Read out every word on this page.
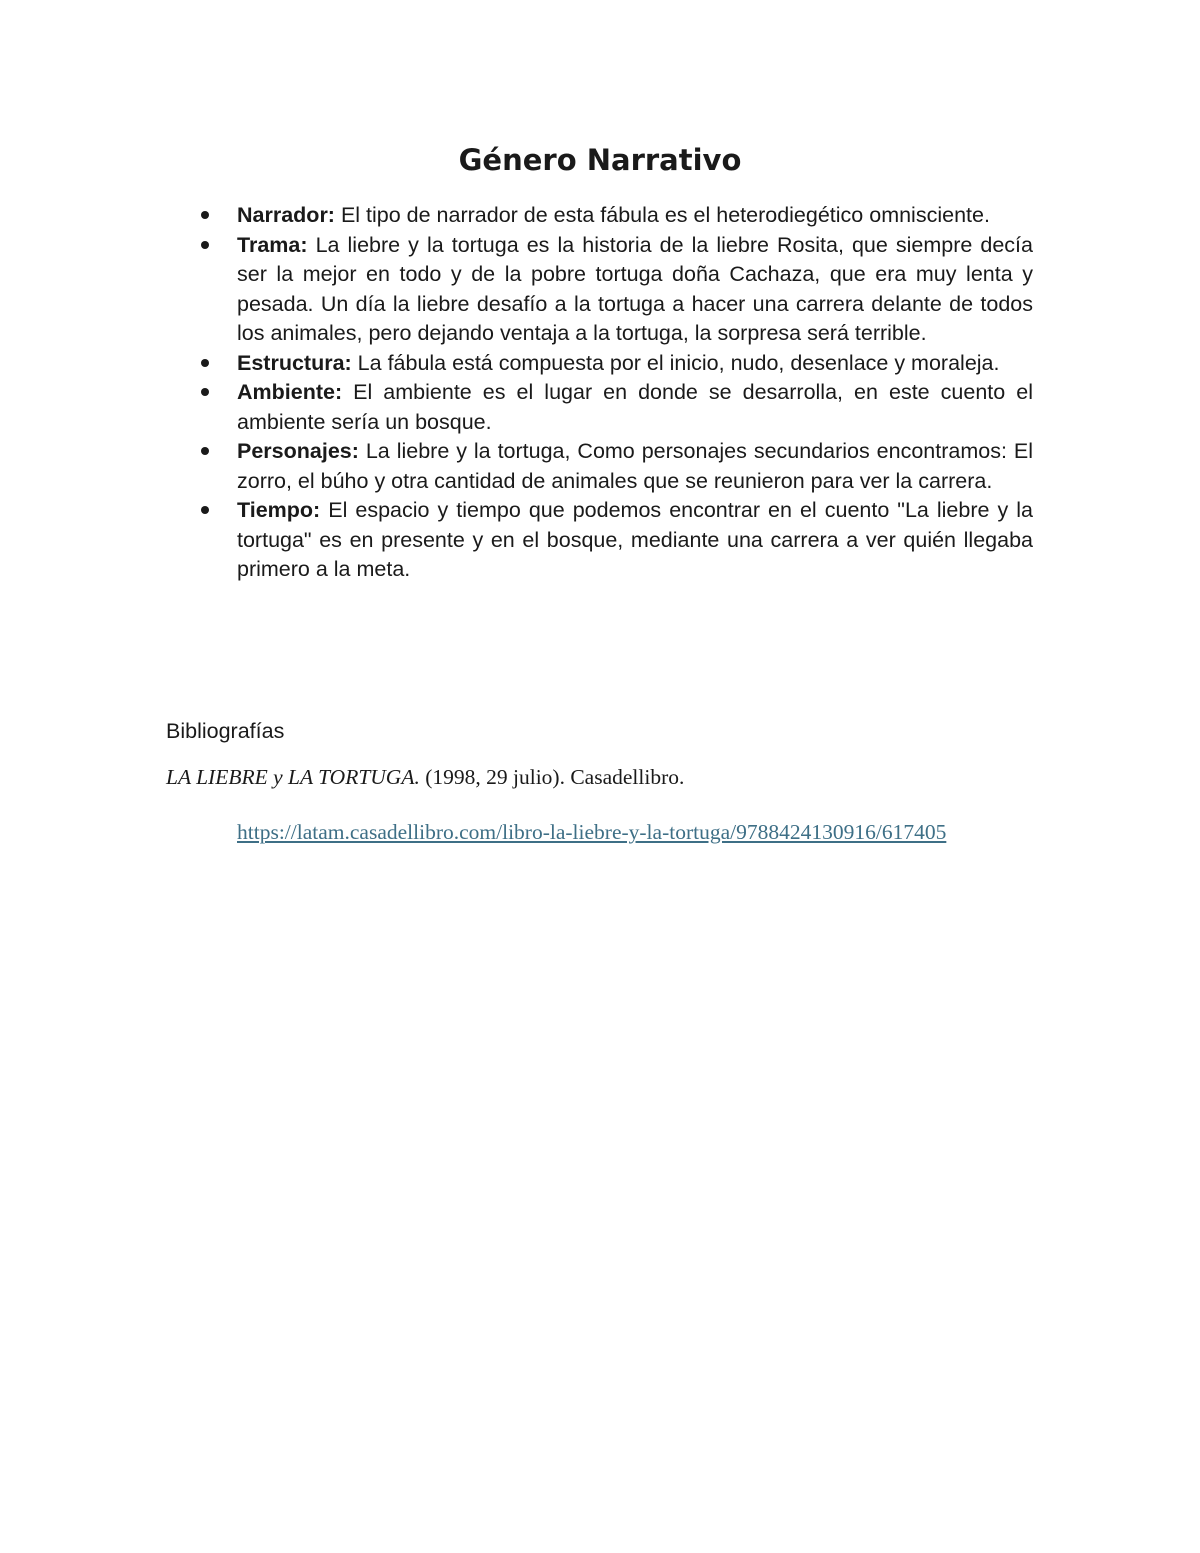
Género Narrativo
Narrador: El tipo de narrador de esta fábula es el heterodiegético omnisciente.
Trama: La liebre y la tortuga es la historia de la liebre Rosita, que siempre decía ser la mejor en todo y de la pobre tortuga doña Cachaza, que era muy lenta y pesada. Un día la liebre desafío a la tortuga a hacer una carrera delante de todos los animales, pero dejando ventaja a la tortuga, la sorpresa será terrible.
Estructura: La fábula está compuesta por el inicio, nudo, desenlace y moraleja.
Ambiente: El ambiente es el lugar en donde se desarrolla, en este cuento el ambiente sería un bosque.
Personajes: La liebre y la tortuga, Como personajes secundarios encontramos: El zorro, el búho y otra cantidad de animales que se reunieron para ver la carrera.
Tiempo: El espacio y tiempo que podemos encontrar en el cuento "La liebre y la tortuga" es en presente y en el bosque, mediante una carrera a ver quién llegaba primero a la meta.

Bibliografías

LA LIEBRE y LA TORTUGA. (1998, 29 julio). Casadellibro.

https://latam.casadellibro.com/libro-la-liebre-y-la-tortuga/9788424130916/617405
